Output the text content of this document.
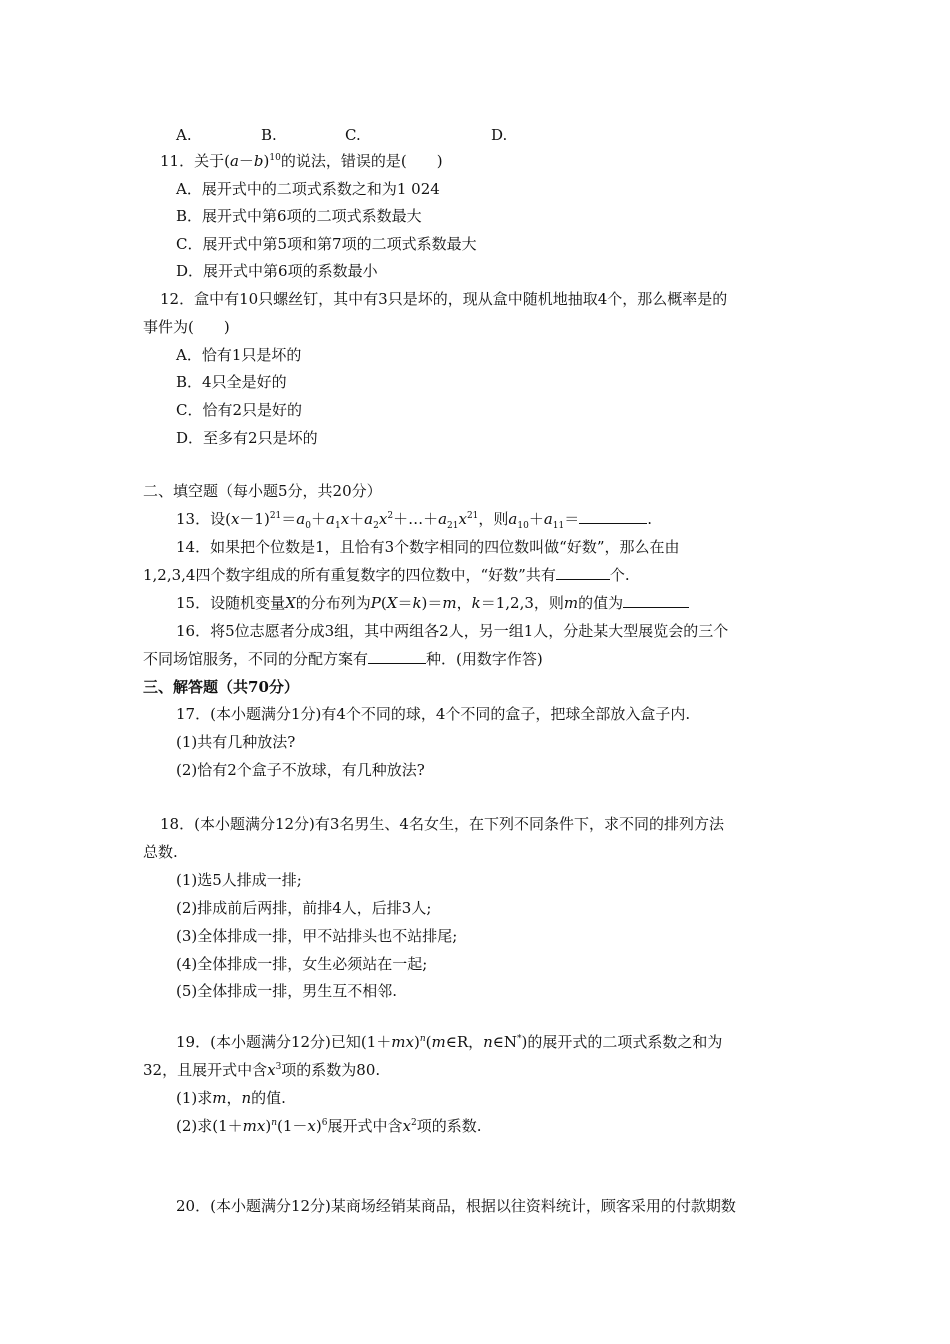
A.	B.	C.	D.
11．关于$(a-b)^{10}$的说法，错误的是(　　)
A．展开式中的二项式系数之和为1 024
B．展开式中第6项的二项式系数最大
C．展开式中第5项和第7项的二项式系数最大
D．展开式中第6项的系数最小
12．盒中有10只螺丝钉，其中有3只是坏的，现从盒中随机地抽取4个，那么概率是的
事件为(　　)
A．恰有1只是坏的
B．4只全是好的
C．恰有2只是好的
D．至多有2只是坏的
二、填空题（每小题5分，共20分）
13．设$(x-1)^{21}=a_0+a_1x+a_2x^2+\dots+a_{21}x^{21}$，则$a_{10}+a_{11}=$	.
14．如果把个位数是1，且恰有3个数字相同的四位数叫做“好数”，那么在由
1,2,3,4四个数字组成的所有重复数字的四位数中，“好数”共有	个.
15．设随机变量X的分布列为P(X＝k)＝m，k＝1,2,3，则m的值为
16．将5位志愿者分成3组，其中两组各2人，另一组1人，分赴某大型展览会的三个
不同场馆服务，不同的分配方案有	种．(用数字作答)
三、解答题（共70分）
17．(本小题满分1分)有4个不同的球，4个不同的盒子，把球全部放入盒子内.
(1)共有几种放法?
(2)恰有2个盒子不放球，有几种放法?
18．(本小题满分12分)有3名男生、4名女生，在下列不同条件下，求不同的排列方法
总数.
(1)选5人排成一排;
(2)排成前后两排，前排4人，后排3人;
(3)全体排成一排，甲不站排头也不站排尾;
(4)全体排成一排，女生必须站在一起;
(5)全体排成一排，男生互不相邻.
19．(本小题满分12分)已知$(1+mx)^n(m\in R$，n∈N*)的展开式的二项式系数之和为
32，且展开式中含$x^3$项的系数为80.
(1)求m，n的值.
(2)求$(1+mx)^n(1-x)^6$展开式中含$x^2$项的系数.
20．(本小题满分12分)某商场经销某商品，根据以往资料统计，顾客采用的付款期数
